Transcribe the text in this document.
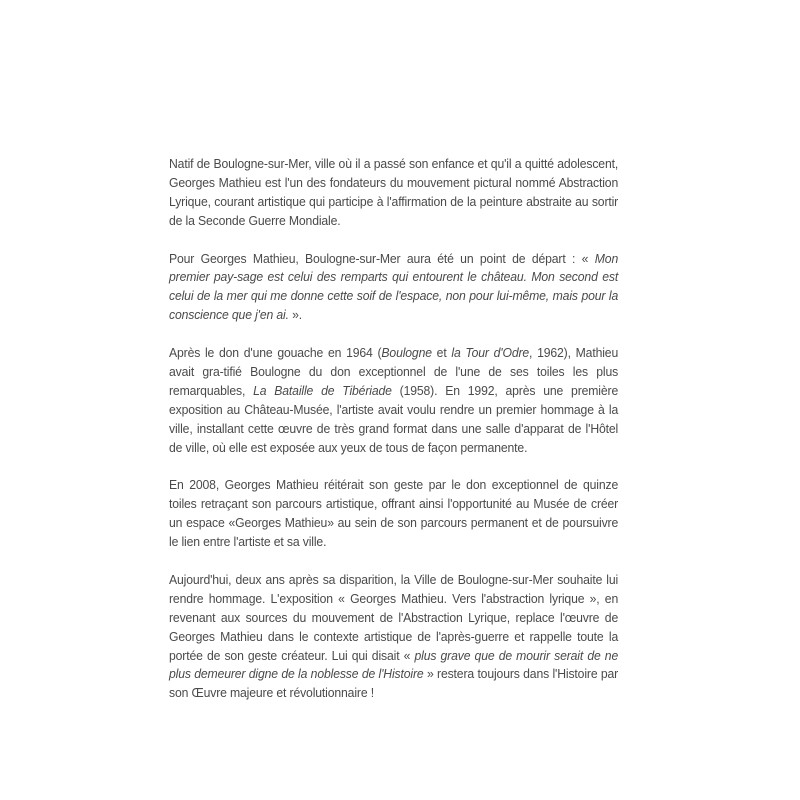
Natif de Boulogne-sur-Mer, ville où il a passé son enfance et qu'il a quitté adolescent, Georges Mathieu est l'un des fondateurs du mouvement pictural nommé Abstraction Lyrique, courant artistique qui participe à l'affirmation de la peinture abstraite au sortir de la Seconde Guerre Mondiale.

Pour Georges Mathieu, Boulogne-sur-Mer aura été un point de départ : « Mon premier pay-sage est celui des remparts qui entourent le château. Mon second est celui de la mer qui me donne cette soif de l'espace, non pour lui-même, mais pour la conscience que j'en ai. ».

Après le don d'une gouache en 1964 (Boulogne et la Tour d'Odre, 1962), Mathieu avait gra-tifié Boulogne du don exceptionnel de l'une de ses toiles les plus remarquables, La Bataille de Tibériade (1958). En 1992, après une première exposition au Château-Musée, l'artiste avait voulu rendre un premier hommage à la ville, installant cette œuvre de très grand format dans une salle d'apparat de l'Hôtel de ville, où elle est exposée aux yeux de tous de façon permanente.

En 2008, Georges Mathieu réitérait son geste par le don exceptionnel de quinze toiles retraçant son parcours artistique, offrant ainsi l'opportunité au Musée de créer un espace «Georges Mathieu» au sein de son parcours permanent et de poursuivre le lien entre l'artiste et sa ville.

Aujourd'hui, deux ans après sa disparition, la Ville de Boulogne-sur-Mer souhaite lui rendre hommage. L'exposition « Georges Mathieu. Vers l'abstraction lyrique », en revenant aux sources du mouvement de l'Abstraction Lyrique, replace l'œuvre de Georges Mathieu dans le contexte artistique de l'après-guerre et rappelle toute la portée de son geste créateur. Lui qui disait « plus grave que de mourir serait de ne plus demeurer digne de la noblesse de l'Histoire » restera toujours dans l'Histoire par son Œuvre majeure et révolutionnaire !
